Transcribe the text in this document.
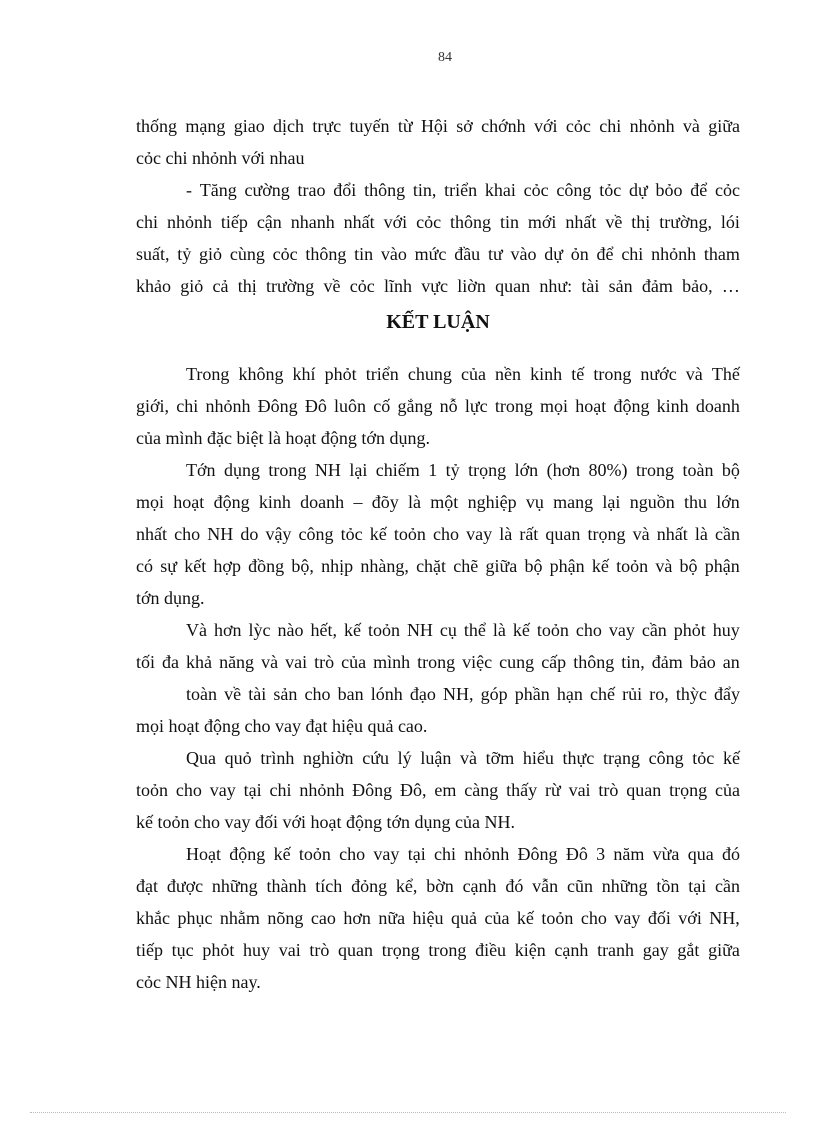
84
thống mạng giao dịch trực tuyến từ Hội sở chớnh với cỏc chi nhỏnh và giữa
cỏc chi nhỏnh với nhau
- Tăng cường trao đổi thông tin, triển khai cỏc công tỏc dự bỏo để cỏc
chi nhỏnh tiếp cận nhanh nhất với cỏc thông tin mới nhất về thị trường, lói
suất, tỷ giỏ cùng cỏc thông tin vào mức đầu tư vào dự ỏn để chi nhỏnh tham
khảo giỏ cả thị trường về cỏc lĩnh vực liờn quan như: tài sản đảm bảo, …
KẾT LUẬN
Trong không khí phỏt triển chung của nền kinh tế trong nước và Thế
giới, chi nhỏnh Đông Đô luôn cố gắng nỗ lực trong mọi hoạt động kinh doanh
của mình đặc biệt là hoạt động tớn dụng.
Tớn dụng trong NH lại chiếm 1 tỷ trọng lớn (hơn 80%) trong toàn bộ
mọi hoạt động kinh doanh – đõy là một nghiệp vụ mang lại nguồn thu lớn
nhất cho NH do vậy công tỏc kế toỏn cho vay là rất quan trọng và nhất là cần
có sự kết hợp đồng bộ, nhịp nhàng, chặt chẽ giữa bộ phận kế toỏn và bộ phận
tớn dụng.
Và hơn lỳc nào hết, kế toỏn NH cụ thể là kế toỏn cho vay cần phỏt huy
tối đa khả năng và vai trò của mình trong việc cung cấp thông tin, đảm bảo an
toàn về tài sản cho ban lónh đạo NH, góp phần hạn chế rủi ro, thỳc đẩy
mọi hoạt động cho vay đạt hiệu quả cao.
Qua quỏ trình nghiờn cứu lý luận và tỡm hiểu thực trạng công tỏc kế
toỏn cho vay tại chi nhỏnh Đông Đô, em càng thấy rừ vai trò quan trọng của
kế toỏn cho vay đối với hoạt động tớn dụng của NH.
Hoạt động kế toỏn cho vay tại chi nhỏnh Đông Đô 3 năm vừa qua đó
đạt được những thành tích đỏng kể, bờn cạnh đó vẫn cũn những tồn tại cần
khắc phục nhằm nõng cao hơn nữa hiệu quả của kế toỏn cho vay đối với NH,
tiếp tục phỏt huy vai trò quan trọng trong điều kiện cạnh tranh gay gắt giữa
cỏc NH hiện nay.
